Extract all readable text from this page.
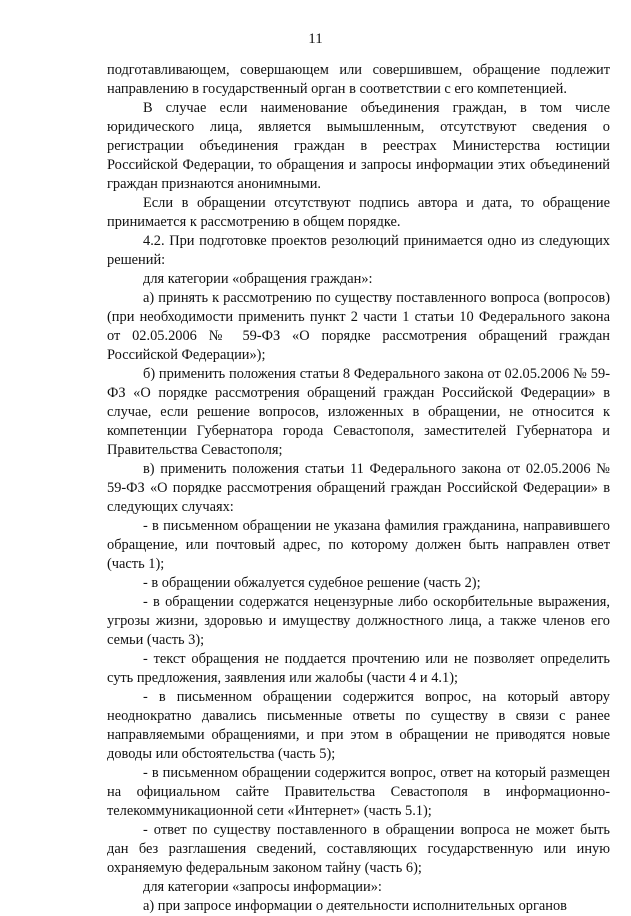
11

подготавливающем, совершающем или совершившем, обращение подлежит направлению в государственный орган в соответствии с его компетенцией.

В случае если наименование объединения граждан, в том числе юридического лица, является вымышленным, отсутствуют сведения о регистрации объединения граждан в реестрах Министерства юстиции Российской Федерации, то обращения и запросы информации этих объединений граждан признаются анонимными.

Если в обращении отсутствуют подпись автора и дата, то обращение принимается к рассмотрению в общем порядке.

4.2. При подготовке проектов резолюций принимается одно из следующих решений:

для категории «обращения граждан»:

а) принять к рассмотрению по существу поставленного вопроса (вопросов) (при необходимости применить пункт 2 части 1 статьи 10 Федерального закона от 02.05.2006 № 59-ФЗ «О порядке рассмотрения обращений граждан Российской Федерации»);

б) применить положения статьи 8 Федерального закона от 02.05.2006 № 59-ФЗ «О порядке рассмотрения обращений граждан Российской Федерации» в случае, если решение вопросов, изложенных в обращении, не относится к компетенции Губернатора города Севастополя, заместителей Губернатора и Правительства Севастополя;

в) применить положения статьи 11 Федерального закона от 02.05.2006 № 59-ФЗ «О порядке рассмотрения обращений граждан Российской Федерации» в следующих случаях:

- в письменном обращении не указана фамилия гражданина, направившего обращение, или почтовый адрес, по которому должен быть направлен ответ (часть 1);

- в обращении обжалуется судебное решение (часть 2);

- в обращении содержатся нецензурные либо оскорбительные выражения, угрозы жизни, здоровью и имуществу должностного лица, а также членов его семьи (часть 3);

- текст обращения не поддается прочтению или не позволяет определить суть предложения, заявления или жалобы (части 4 и 4.1);

- в письменном обращении содержится вопрос, на который автору неоднократно давались письменные ответы по существу в связи с ранее направляемыми обращениями, и при этом в обращении не приводятся новые доводы или обстоятельства (часть 5);

- в письменном обращении содержится вопрос, ответ на который размещен на официальном сайте Правительства Севастополя в информационно-телекоммуникационной сети «Интернет» (часть 5.1);

- ответ по существу поставленного в обращении вопроса не может быть дан без разглашения сведений, составляющих государственную или иную охраняемую федеральным законом тайну (часть 6);

для категории «запросы информации»:

а) при запросе информации о деятельности исполнительных органов
